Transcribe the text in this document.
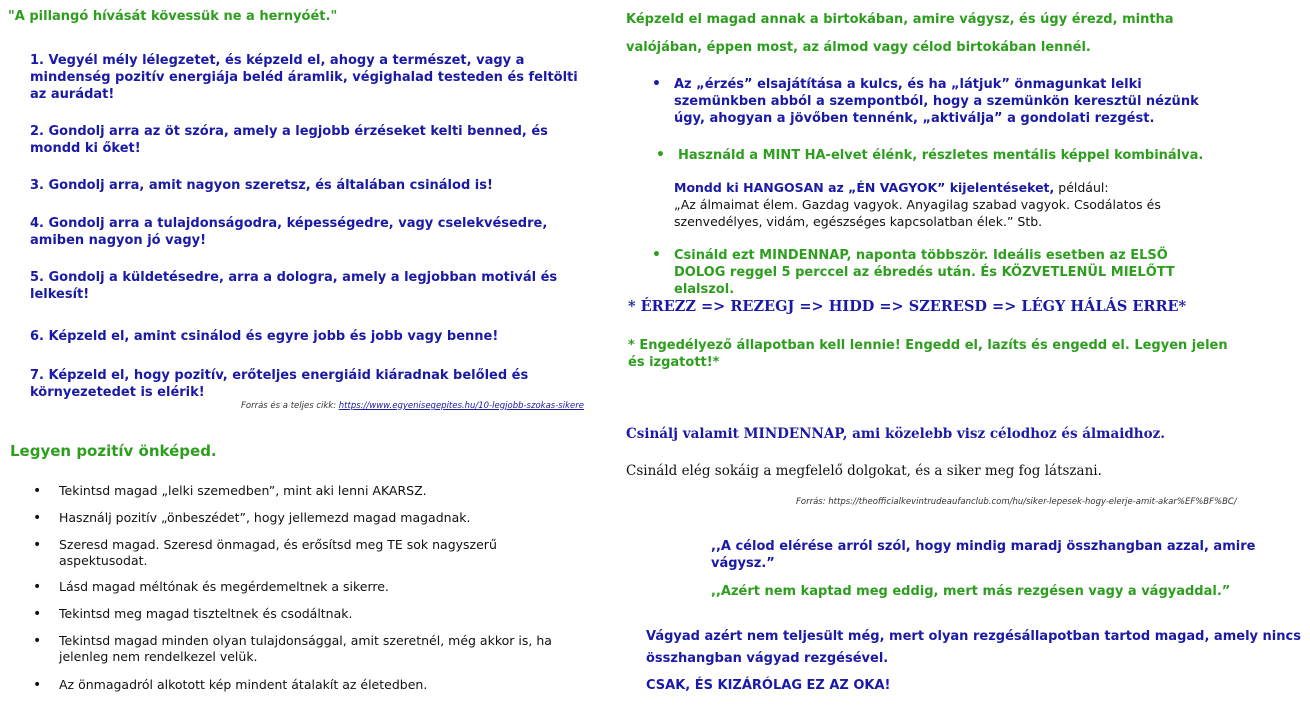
"A pillangó hívását kövessük ne a hernyóét."

1. Vegyél mély lélegzetet, és képzeld el, ahogy a természet, vagy a mindenség pozitív energiája beléd áramlik, végighalad testeden és feltölti az aurádat!
2. Gondolj arra az öt szóra, amely a legjobb érzéseket kelti benned, és mondd ki őket!
3. Gondolj arra, amit nagyon szeretsz, és általában csinálod is!
4. Gondolj arra a tulajdonságodra, képességedre, vagy cselekvésedre, amiben nagyon jó vagy!
5. Gondolj a küldetésedre, arra a dologra, amely a legjobban motivál és lelkesít!
6. Képzeld el, amint csinálod és egyre jobb és jobb vagy benne!
7. Képzeld el, hogy pozitív, erőteljes energiáid kiáradnak belőled és környezetedet is elérik!
Forrás és a teljes cikk: https://www.egyenisegepites.hu/10-legjobb-szokas-sikere

Legyen pozitív önképed.

• Tekintsd magad „lelki szemedben”, mint aki lenni AKARSZ.
• Használj pozitív „önbeszédet”, hogy jellemezd magad magadnak.
• Szeresd magad. Szeresd önmagad, és erősítsd meg TE sok nagyszerű aspektusodat.
• Lásd magad méltónak és megérdemeltnek a sikerre.
• Tekintsd meg magad tiszteltnek és csodáltnak.
• Tekintsd magad minden olyan tulajdonsággal, amit szeretnél, még akkor is, ha jelenleg nem rendelkezel velük.
• Az önmagadról alkotott kép mindent átalakít az életedben.

Képzeld el magad annak a birtokában, amire vágysz, és úgy érezd, mintha valójában, éppen most, az álmod vagy célod birtokában lennél.

• Az „érzés” elsajátítása a kulcs, és ha „látjuk” önmagunkat lelki szemünkben abból a szempontból, hogy a szemünkön keresztül nézünk úgy, ahogyan a jövőben tennénk, „aktiválja” a gondolati rezgést.
• Használd a MINT HA-elvet élénk, részletes mentális képpel kombinálva.
Mondd ki HANGOSAN az „ÉN VAGYOK” kijelentéseket, például:
„Az álmaimat élem. Gazdag vagyok. Anyagilag szabad vagyok. Csodálatos és szenvedélyes, vidám, egészséges kapcsolatban élek.” Stb.
• Csináld ezt MINDENNAP, naponta többször. Ideális esetben az ELSŐ DOLOG reggel 5 perccel az ébredés után. És KÖZVETLENÜL MIELŐTT elalszol.

* ÉREZZ => REZEGJ => HIDD => SZERESD => LÉGY HÁLÁS ERRE*

* Engedélyező állapotban kell lennie! Engedd el, lazíts és engedd el. Legyen jelen és izgatott!*

Csinálj valamit MINDENNAP, ami közelebb visz célodhoz és álmaidhoz.

Csináld elég sokáig a megfelelő dolgokat, és a siker meg fog látszani.

Forrás: https://theofficialkevintrudeaufanclub.com/hu/siker-lepesek-hogy-elerje-amit-akar%EF%BF%BC/

,,A célod elérése arról szól, hogy mindig maradj összhangban azzal, amire vágysz.”

,,Azért nem kaptad meg eddig, mert más rezgésen vagy a vágyaddal.”

Vágyad azért nem teljesült még, mert olyan rezgésállapotban tartod magad, amely nincs összhangban vágyad rezgésével.

CSAK, ÉS KIZÁRÓLAG EZ AZ OKA!
